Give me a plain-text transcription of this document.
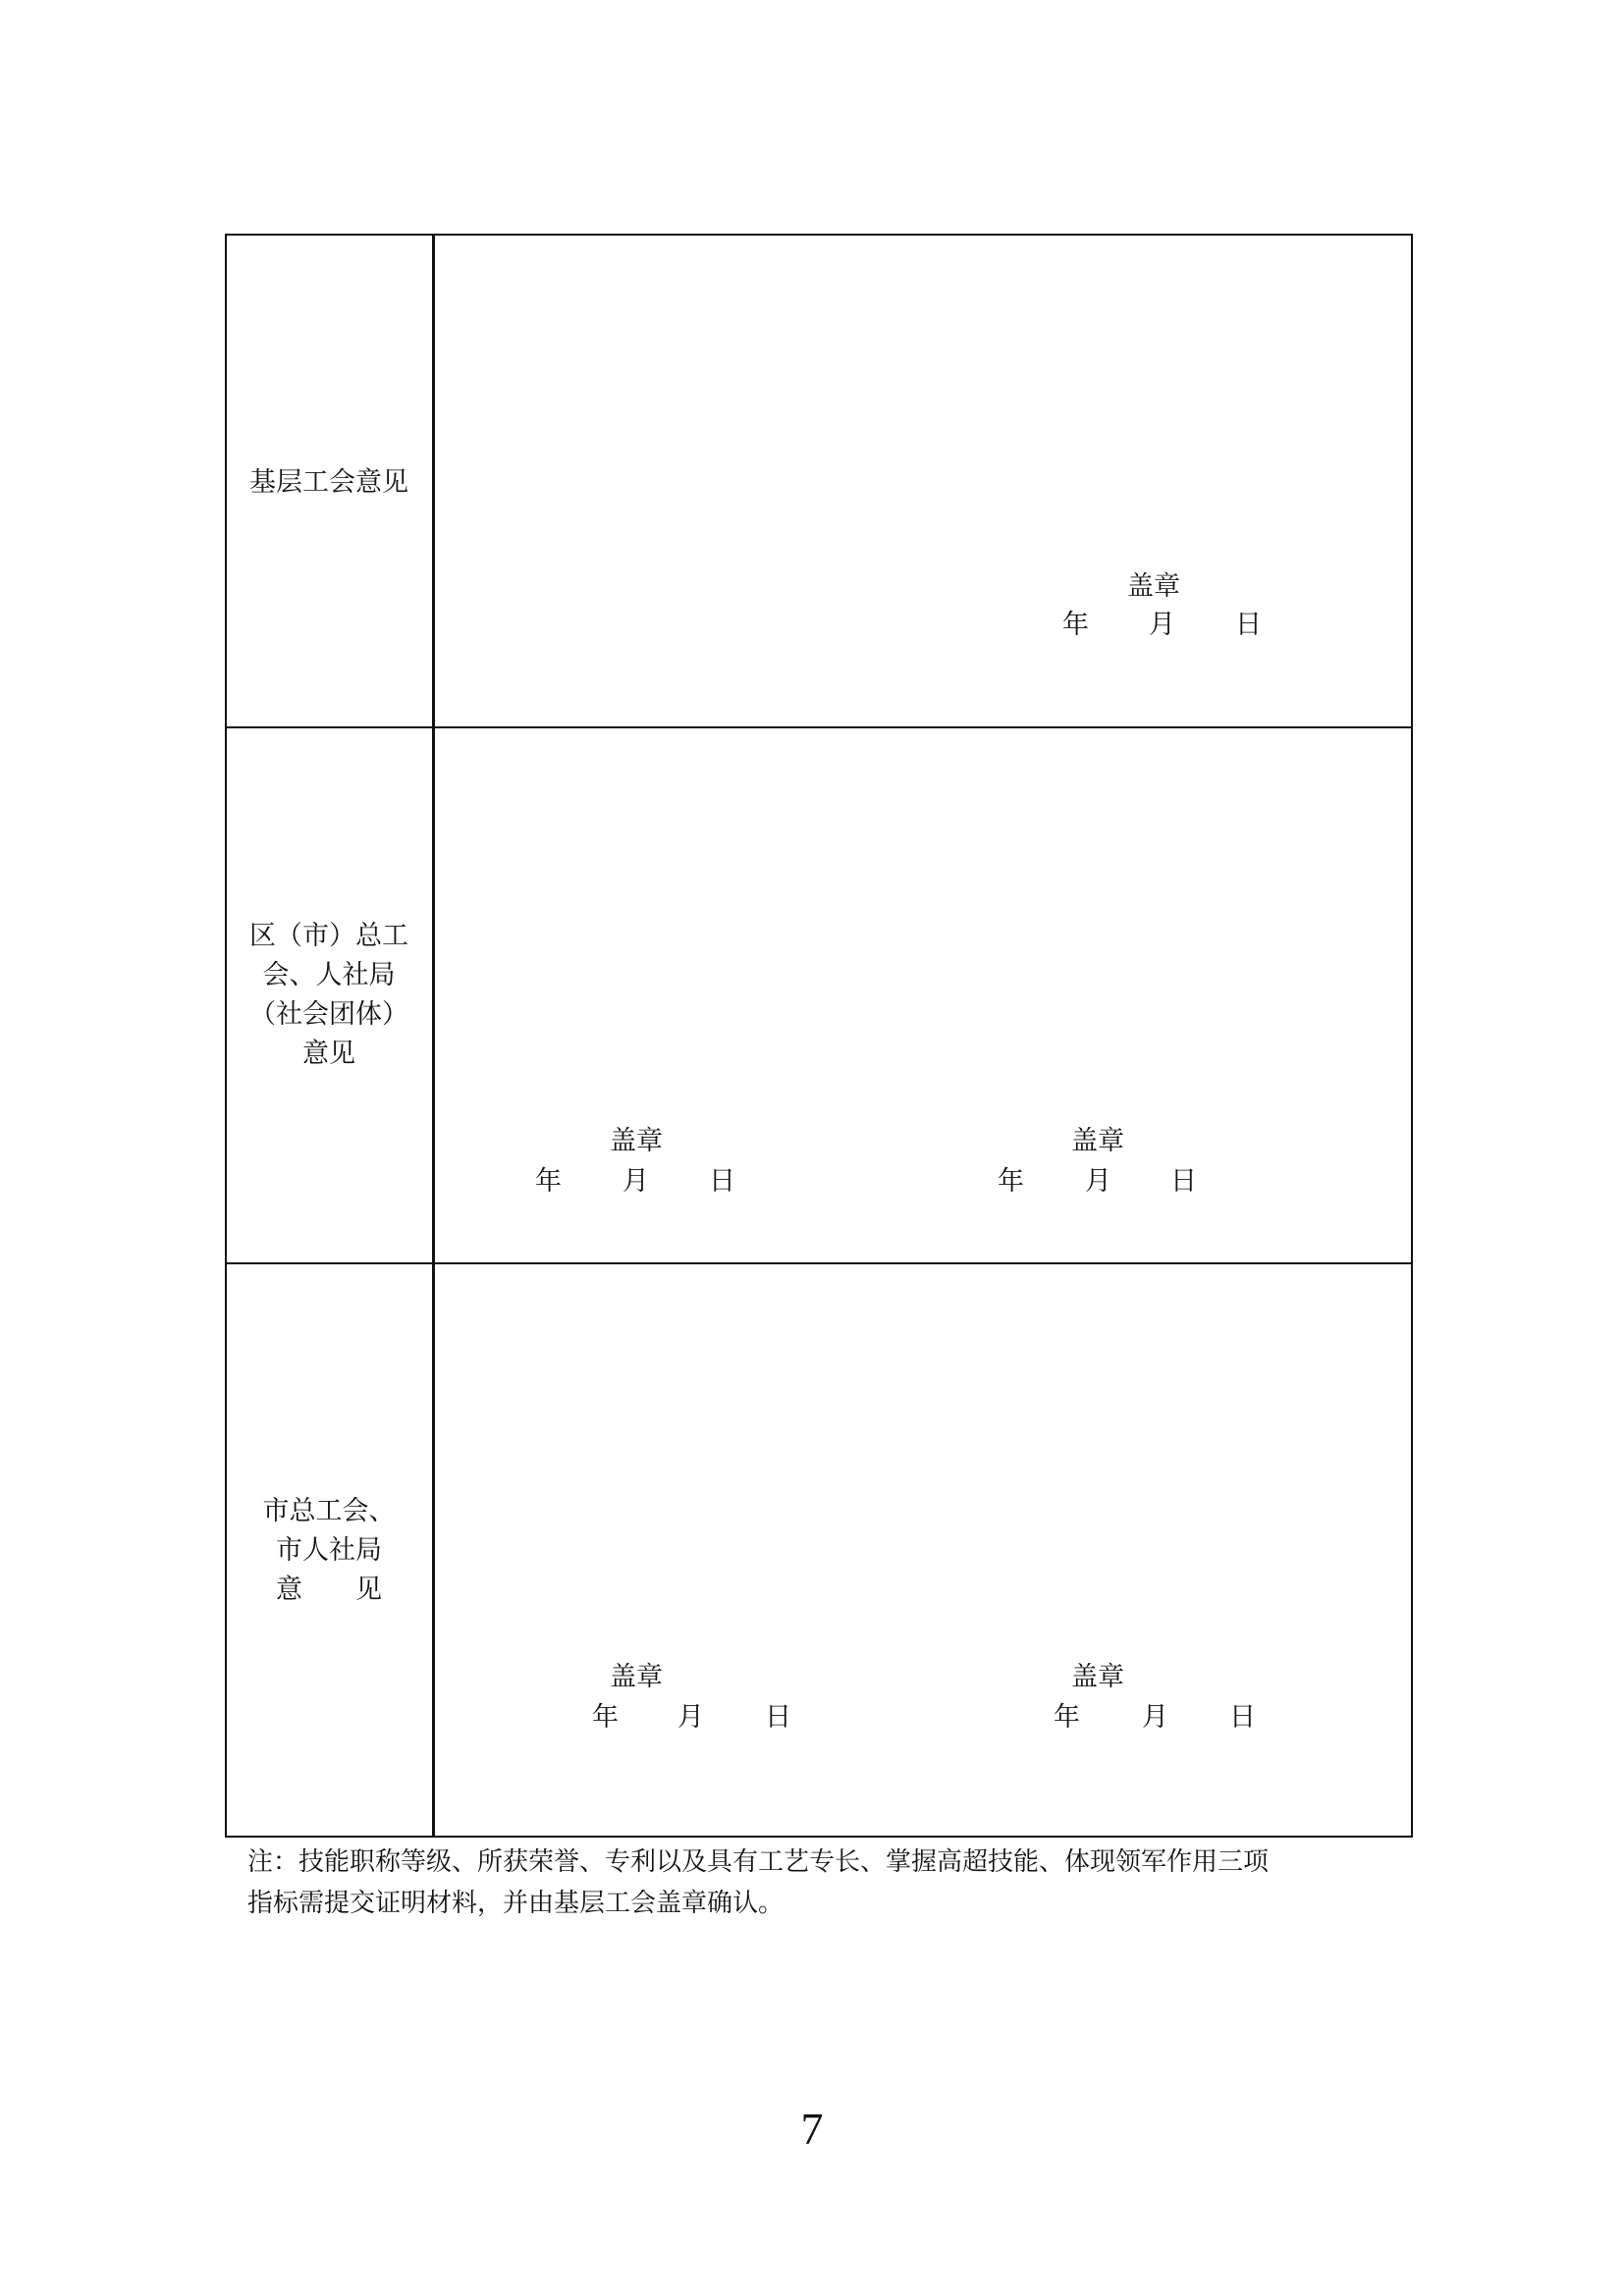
基层工会意见
盖章
年 月 日
区（市）总工
会、人社局
（社会团体）
意见
盖章
年 月 日
盖章
年 月 日
市总工会、
市人社局
意　　见
盖章
年 月 日
盖章
年 月 日
注：技能职称等级、所获荣誉、专利以及具有工艺专长、掌握高超技能、体现领军作用三项
指标需提交证明材料，并由基层工会盖章确认。
7
